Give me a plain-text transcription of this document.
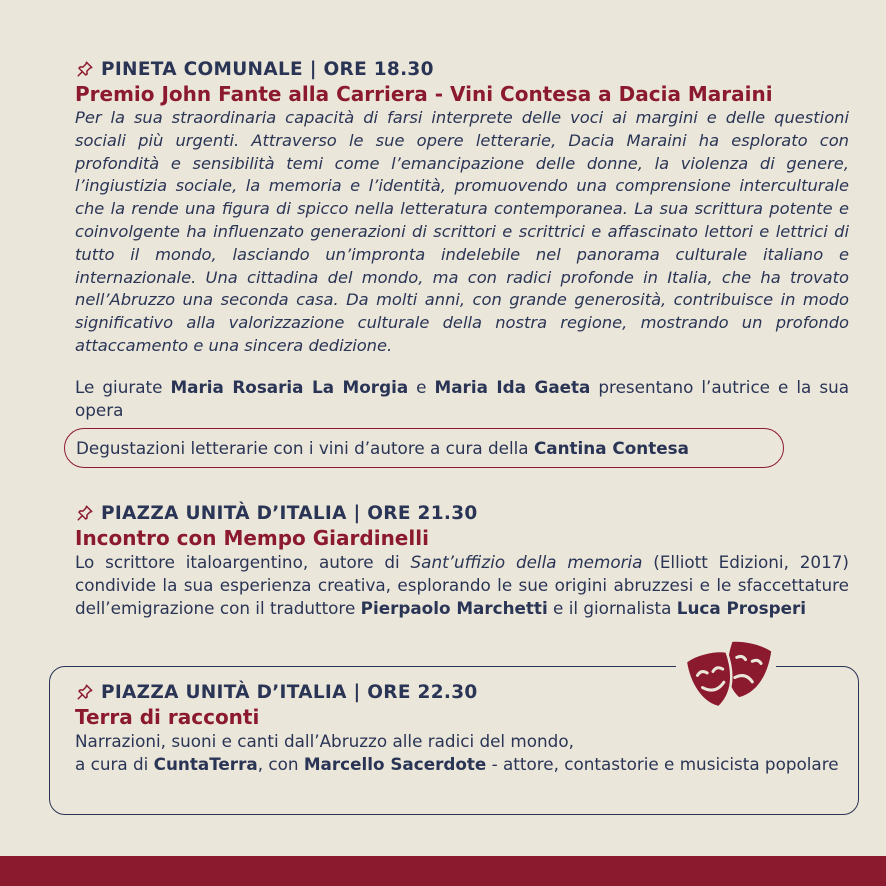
PINETA COMUNALE | ORE 18.30
Premio John Fante alla Carriera - Vini Contesa a Dacia Maraini

Per la sua straordinaria capacità di farsi interprete delle voci ai margini e delle questioni sociali più urgenti. Attraverso le sue opere letterarie, Dacia Maraini ha esplorato con profondità e sensibilità temi come l’emancipazione delle donne, la violenza di genere, l’ingiustizia sociale, la memoria e l’identità, promuovendo una comprensione interculturale che la rende una figura di spicco nella letteratura contemporanea. La sua scrittura potente e coinvolgente ha influenzato generazioni di scrittori e scrittrici e affascinato lettori e lettrici di tutto il mondo, lasciando un’impronta indelebile nel panorama culturale italiano e internazionale. Una cittadina del mondo, ma con radici profonde in Italia, che ha trovato nell’Abruzzo una seconda casa. Da molti anni, con grande generosità, contribuisce in modo significativo alla valorizzazione culturale della nostra regione, mostrando un profondo attaccamento e una sincera dedizione.

Le giurate Maria Rosaria La Morgia e Maria Ida Gaeta presentano l’autrice e la sua opera

Degustazioni letterarie con i vini d’autore a cura della
Cantina Contesa
PIAZZA UNITÀ D’ITALIA | ORE 21.30
Incontro con Mempo Giardinelli

Lo scrittore italoargentino, autore di Sant’uffizio della memoria (Elliott Edizioni, 2017) condivide la sua esperienza creativa, esplorando le sue origini abruzzesi e le sfaccettature dell’emigrazione con il traduttore Pierpaolo Marchetti e il giornalista Luca Prosperi

PIAZZA UNITÀ D’ITALIA | ORE 22.30
Terra di racconti

Narrazioni, suoni e canti dall’Abruzzo alle radici del mondo,

a cura di CuntaTerra, con Marcello Sacerdote - attore, contastorie e musicista popolare
